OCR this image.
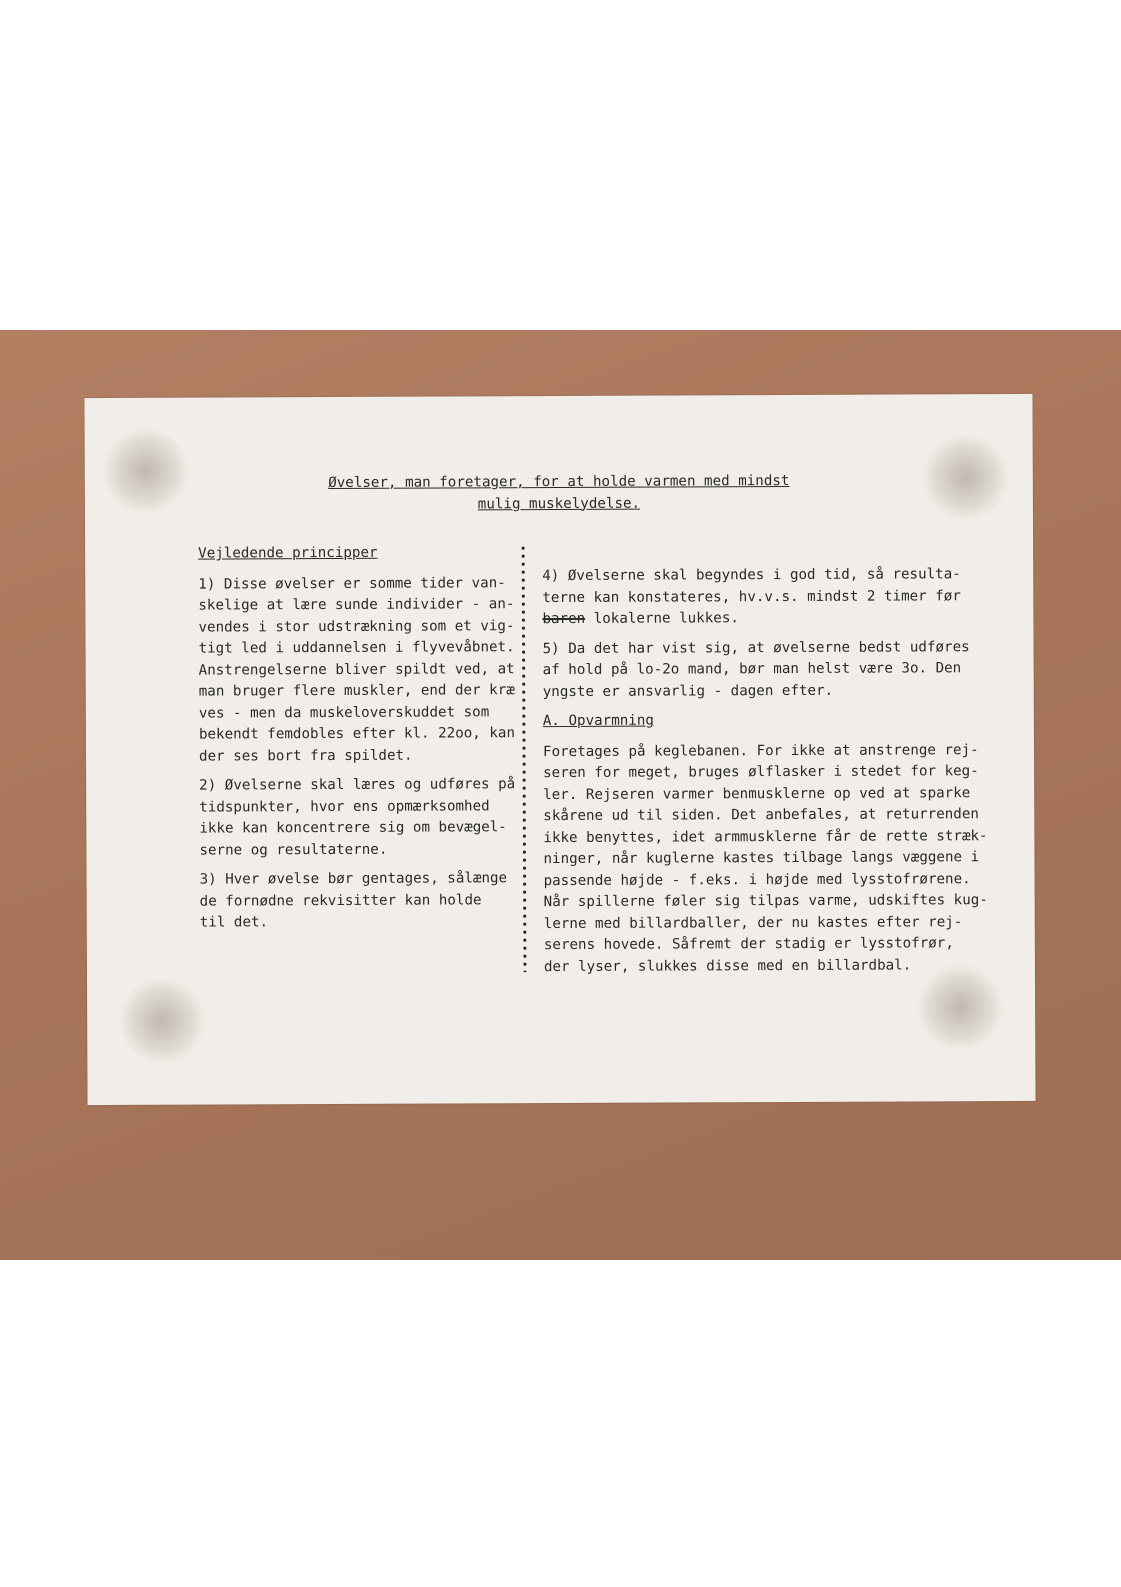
Øvelser, man foretager, for at holde varmen med mindst
mulig muskelydelse.
Vejledende principper
1) Disse øvelser er somme tider van-
skelige at lære sunde individer - an-
vendes i stor udstrækning som et vig-
tigt led i uddannelsen i flyvevåbnet.
Anstrengelserne bliver spildt ved, at
man bruger flere muskler, end der kræ
ves - men da muskeloverskuddet som
bekendt femdobles efter kl. 22oo, kan
der ses bort fra spildet.
2) Øvelserne skal læres og udføres på
tidspunkter, hvor ens opmærksomhed
ikke kan koncentrere sig om bevægel-
serne og resultaterne.
3) Hver øvelse bør gentages, sålænge
de fornødne rekvisitter kan holde
til det.
4) Øvelserne skal begyndes i god tid, så resulta-
terne kan konstateres, hv.v.s. mindst 2 timer før
baren lokalerne lukkes.
5) Da det har vist sig, at øvelserne bedst udføres
af hold på lo-2o mand, bør man helst være 3o. Den
yngste er ansvarlig - dagen efter.
A. Opvarmning
Foretages på keglebanen. For ikke at anstrenge rej-
seren for meget, bruges ølflasker i stedet for keg-
ler. Rejseren varmer benmusklerne op ved at sparke
skårene ud til siden. Det anbefales, at returrenden
ikke benyttes, idet armmusklerne får de rette stræk-
ninger, når kuglerne kastes tilbage langs væggene i
passende højde - f.eks. i højde med lysstofrørene.
Når spillerne føler sig tilpas varme, udskiftes kug-
lerne med billardballer, der nu kastes efter rej-
serens hovede. Såfremt der stadig er lysstofrør,
der lyser, slukkes disse med en billardbal.
